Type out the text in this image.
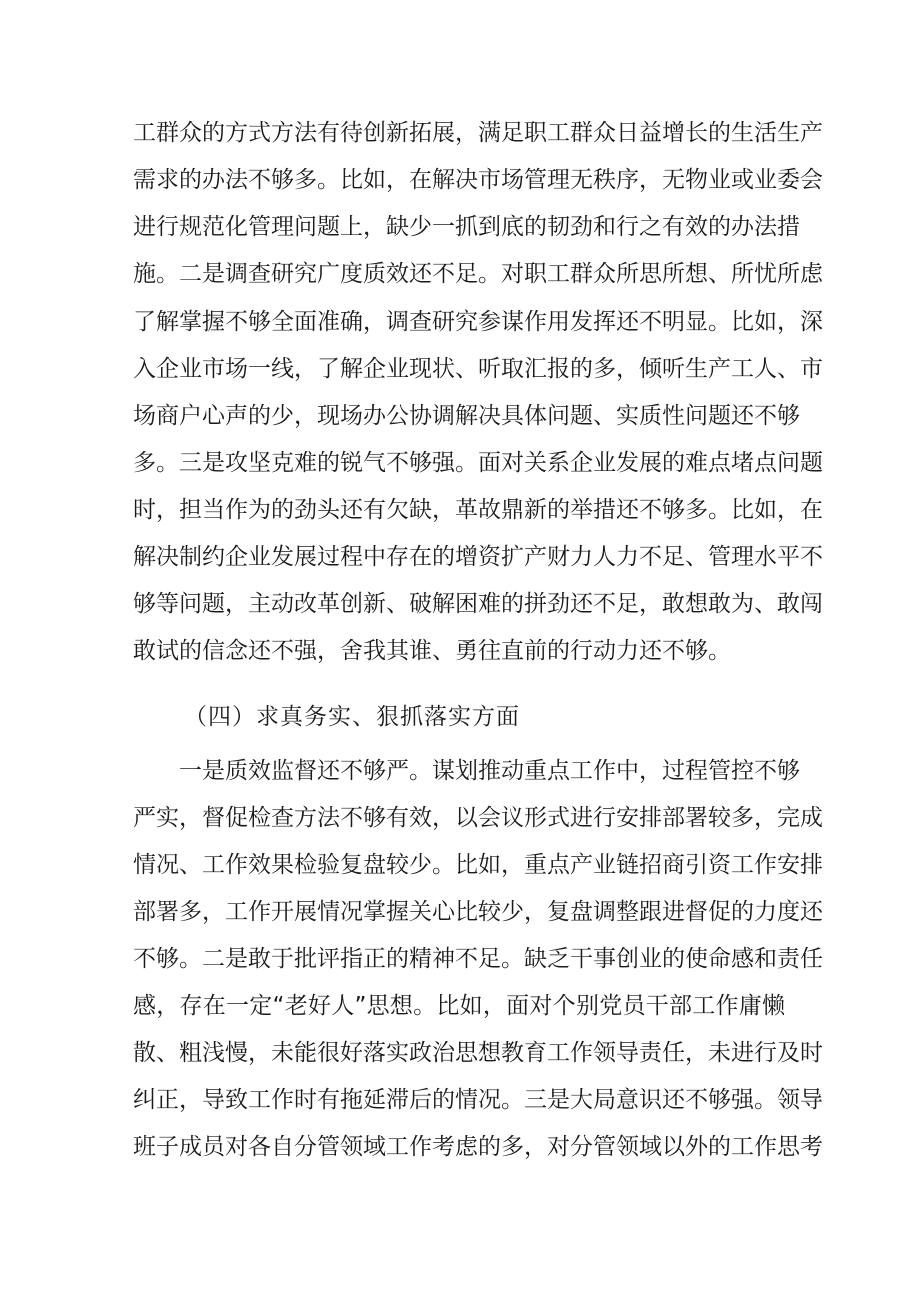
工群众的方式方法有待创新拓展，满足职工群众日益增长的生活生产

需求的办法不够多。比如，在解决市场管理无秩序，无物业或业委会

进行规范化管理问题上，缺少一抓到底的韧劲和行之有效的办法措

施。二是调查研究广度质效还不足。对职工群众所思所想、所忧所虑

了解掌握不够全面准确，调查研究参谋作用发挥还不明显。比如，深

入企业市场一线，了解企业现状、听取汇报的多，倾听生产工人、市

场商户心声的少，现场办公协调解决具体问题、实质性问题还不够

多。三是攻坚克难的锐气不够强。面对关系企业发展的难点堵点问题

时，担当作为的劲头还有欠缺，革故鼎新的举措还不够多。比如，在

解决制约企业发展过程中存在的增资扩产财力人力不足、管理水平不

够等问题，主动改革创新、破解困难的拼劲还不足，敢想敢为、敢闯

敢试的信念还不强，舍我其谁、勇往直前的行动力还不够。

（四）求真务实、狠抓落实方面

一是质效监督还不够严。谋划推动重点工作中，过程管控不够

严实，督促检查方法不够有效，以会议形式进行安排部署较多，完成

情况、工作效果检验复盘较少。比如，重点产业链招商引资工作安排

部署多，工作开展情况掌握关心比较少，复盘调整跟进督促的力度还

不够。二是敢于批评指正的精神不足。缺乏干事创业的使命感和责任

感，存在一定“老好人”思想。比如，面对个别党员干部工作庸懒

散、粗浅慢，未能很好落实政治思想教育工作领导责任，未进行及时

纠正，导致工作时有拖延滞后的情况。三是大局意识还不够强。领导

班子成员对各自分管领域工作考虑的多，对分管领域以外的工作思考
